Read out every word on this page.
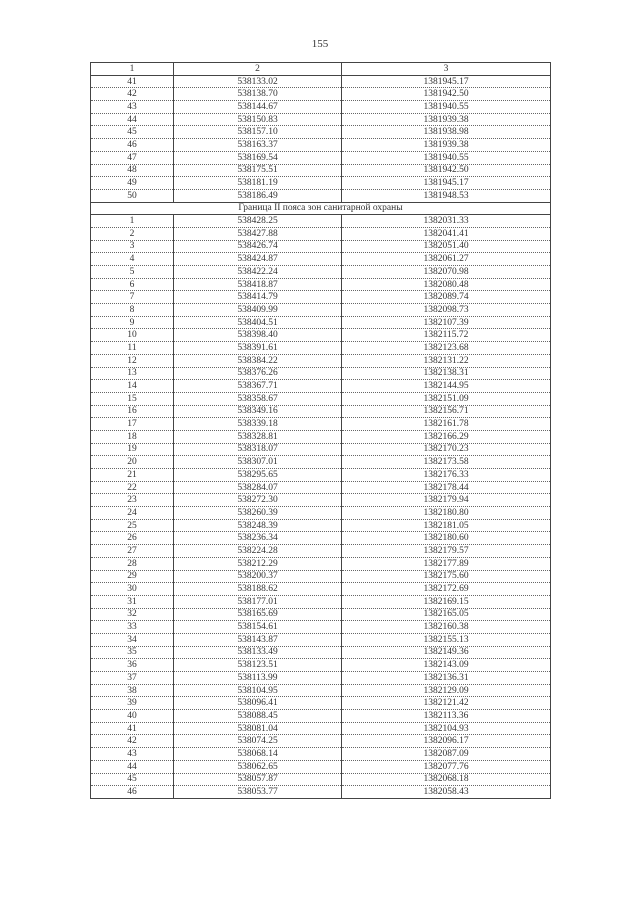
155
1	2	3
41	538133.02	1381945.17
42	538138.70	1381942.50
43	538144.67	1381940.55
44	538150.83	1381939.38
45	538157.10	1381938.98
46	538163.37	1381939.38
47	538169.54	1381940.55
48	538175.51	1381942.50
49	538181.19	1381945.17
50	538186.49	1381948.53
Граница II пояса зон санитарной охраны		
1	538428.25	1382031.33
2	538427.88	1382041.41
3	538426.74	1382051.40
4	538424.87	1382061.27
5	538422.24	1382070.98
6	538418.87	1382080.48
7	538414.79	1382089.74
8	538409.99	1382098.73
9	538404.51	1382107.39
10	538398.40	1382115.72
11	538391.61	1382123.68
12	538384.22	1382131.22
13	538376.26	1382138.31
14	538367.71	1382144.95
15	538358.67	1382151.09
16	538349.16	1382156.71
17	538339.18	1382161.78
18	538328.81	1382166.29
19	538318.07	1382170.23
20	538307.01	1382173.58
21	538295.65	1382176.33
22	538284.07	1382178.44
23	538272.30	1382179.94
24	538260.39	1382180.80
25	538248.39	1382181.05
26	538236.34	1382180.60
27	538224.28	1382179.57
28	538212.29	1382177.89
29	538200.37	1382175.60
30	538188.62	1382172.69
31	538177.01	1382169.15
32	538165.69	1382165.05
33	538154.61	1382160.38
34	538143.87	1382155.13
35	538133.49	1382149.36
36	538123.51	1382143.09
37	538113.99	1382136.31
38	538104.95	1382129.09
39	538096.41	1382121.42
40	538088.45	1382113.36
41	538081.04	1382104.93
42	538074.25	1382096.17
43	538068.14	1382087.09
44	538062.65	1382077.76
45	538057.87	1382068.18
46	538053.77	1382058.43
